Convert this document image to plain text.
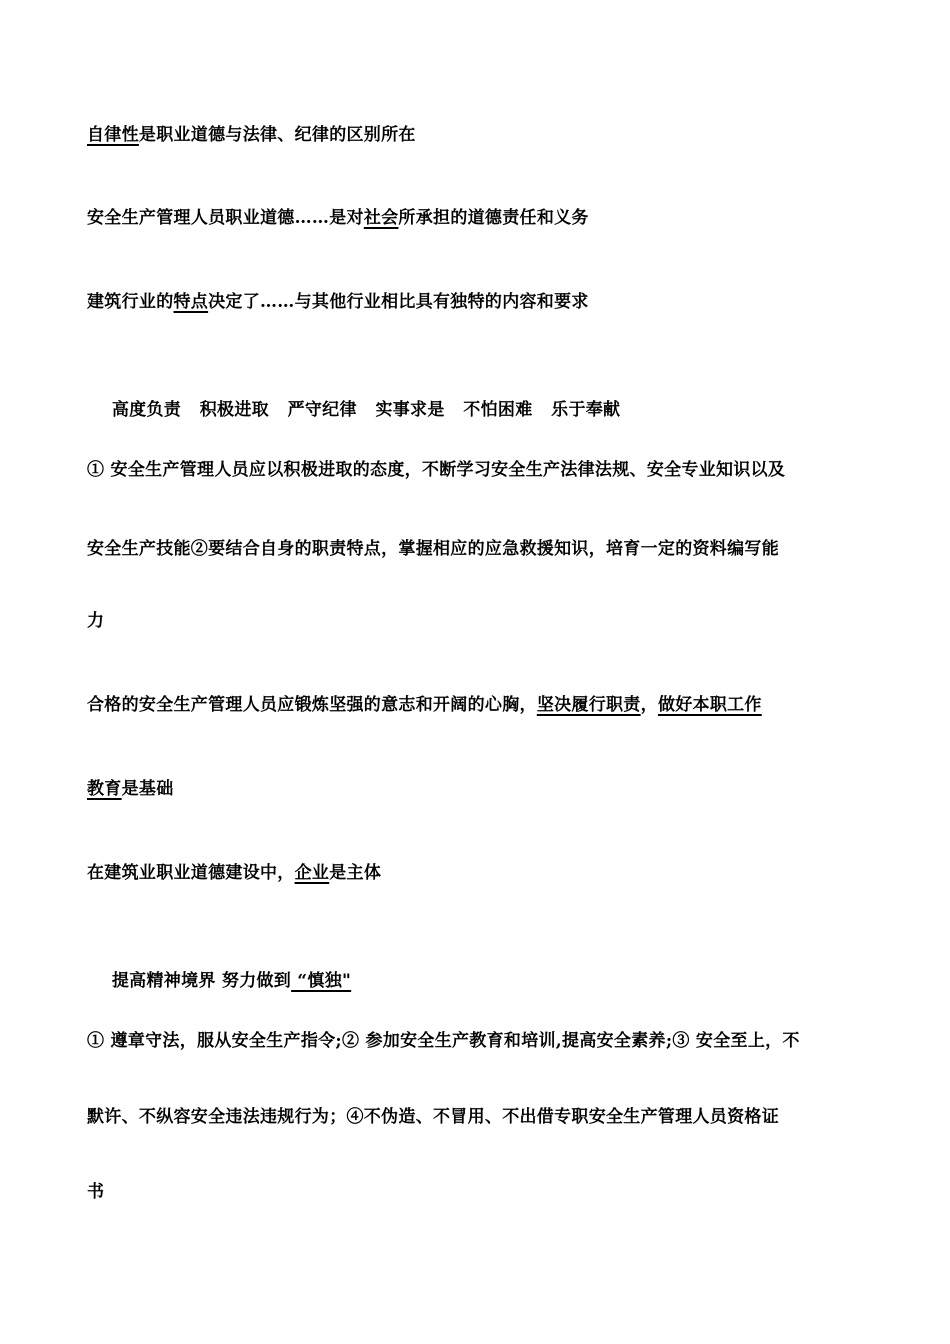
自律性是职业道德与法律、纪律的区别所在
安全生产管理人员职业道德……是对社会所承担的道德责任和义务
建筑行业的特点决定了……与其他行业相比具有独特的内容和要求

高度负责   积极进取   严守纪律   实事求是   不怕困难   乐于奉献

① 安全生产管理人员应以积极进取的态度，不断学习安全生产法律法规、安全专业知识以及
安全生产技能②要结合自身的职责特点，掌握相应的应急救援知识，培育一定的资料编写能
力
合格的安全生产管理人员应锻炼坚强的意志和开阔的心胸，坚决履行职责，做好本职工作
教育是基础
在建筑业职业道德建设中，企业是主体

提高精神境界 努力做到 “慎独"

① 遵章守法，服从安全生产指令;② 参加安全生产教育和培训,提高安全素养;③ 安全至上，不
默许、不纵容安全违法违规行为；④不伪造、不冒用、不出借专职安全生产管理人员资格证
书
